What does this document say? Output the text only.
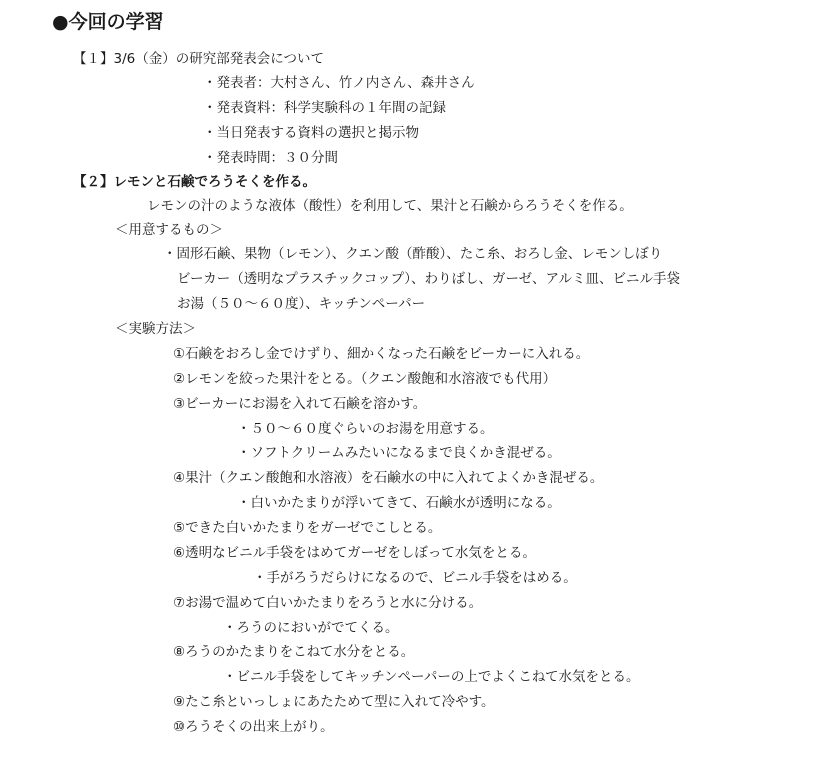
●今回の学習
【１】3/6（金）の研究部発表会について
・発表者：大村さん、竹ノ内さん、森井さん
・発表資料：科学実験科の１年間の記録
・当日発表する資料の選択と掲示物
・発表時間：３０分間
【２】レモンと石鹸でろうそくを作る。
レモンの汁のような液体（酸性）を利用して、果汁と石鹸からろうそくを作る。
＜用意するもの＞
・固形石鹸、果物（レモン）、クエン酸（酢酸）、たこ糸、おろし金、レモンしぼり
ビーカー（透明なプラスチックコップ）、わりばし、ガーゼ、アルミ皿、ビニル手袋
お湯（５０～６０度）、キッチンペーパー
＜実験方法＞
①石鹸をおろし金でけずり、細かくなった石鹸をビーカーに入れる。
②レモンを絞った果汁をとる。（クエン酸飽和水溶液でも代用）
③ビーカーにお湯を入れて石鹸を溶かす。
・５０～６０度ぐらいのお湯を用意する。
・ソフトクリームみたいになるまで良くかき混ぜる。
④果汁（クエン酸飽和水溶液）を石鹸水の中に入れてよくかき混ぜる。
・白いかたまりが浮いてきて、石鹸水が透明になる。
⑤できた白いかたまりをガーゼでこしとる。
⑥透明なビニル手袋をはめてガーゼをしぼって水気をとる。
・手がろうだらけになるので、ビニル手袋をはめる。
⑦お湯で温めて白いかたまりをろうと水に分ける。
・ろうのにおいがでてくる。
⑧ろうのかたまりをこねて水分をとる。
・ビニル手袋をしてキッチンペーパーの上でよくこねて水気をとる。
⑨たこ糸といっしょにあたためて型に入れて冷やす。
⑩ろうそくの出来上がり。
